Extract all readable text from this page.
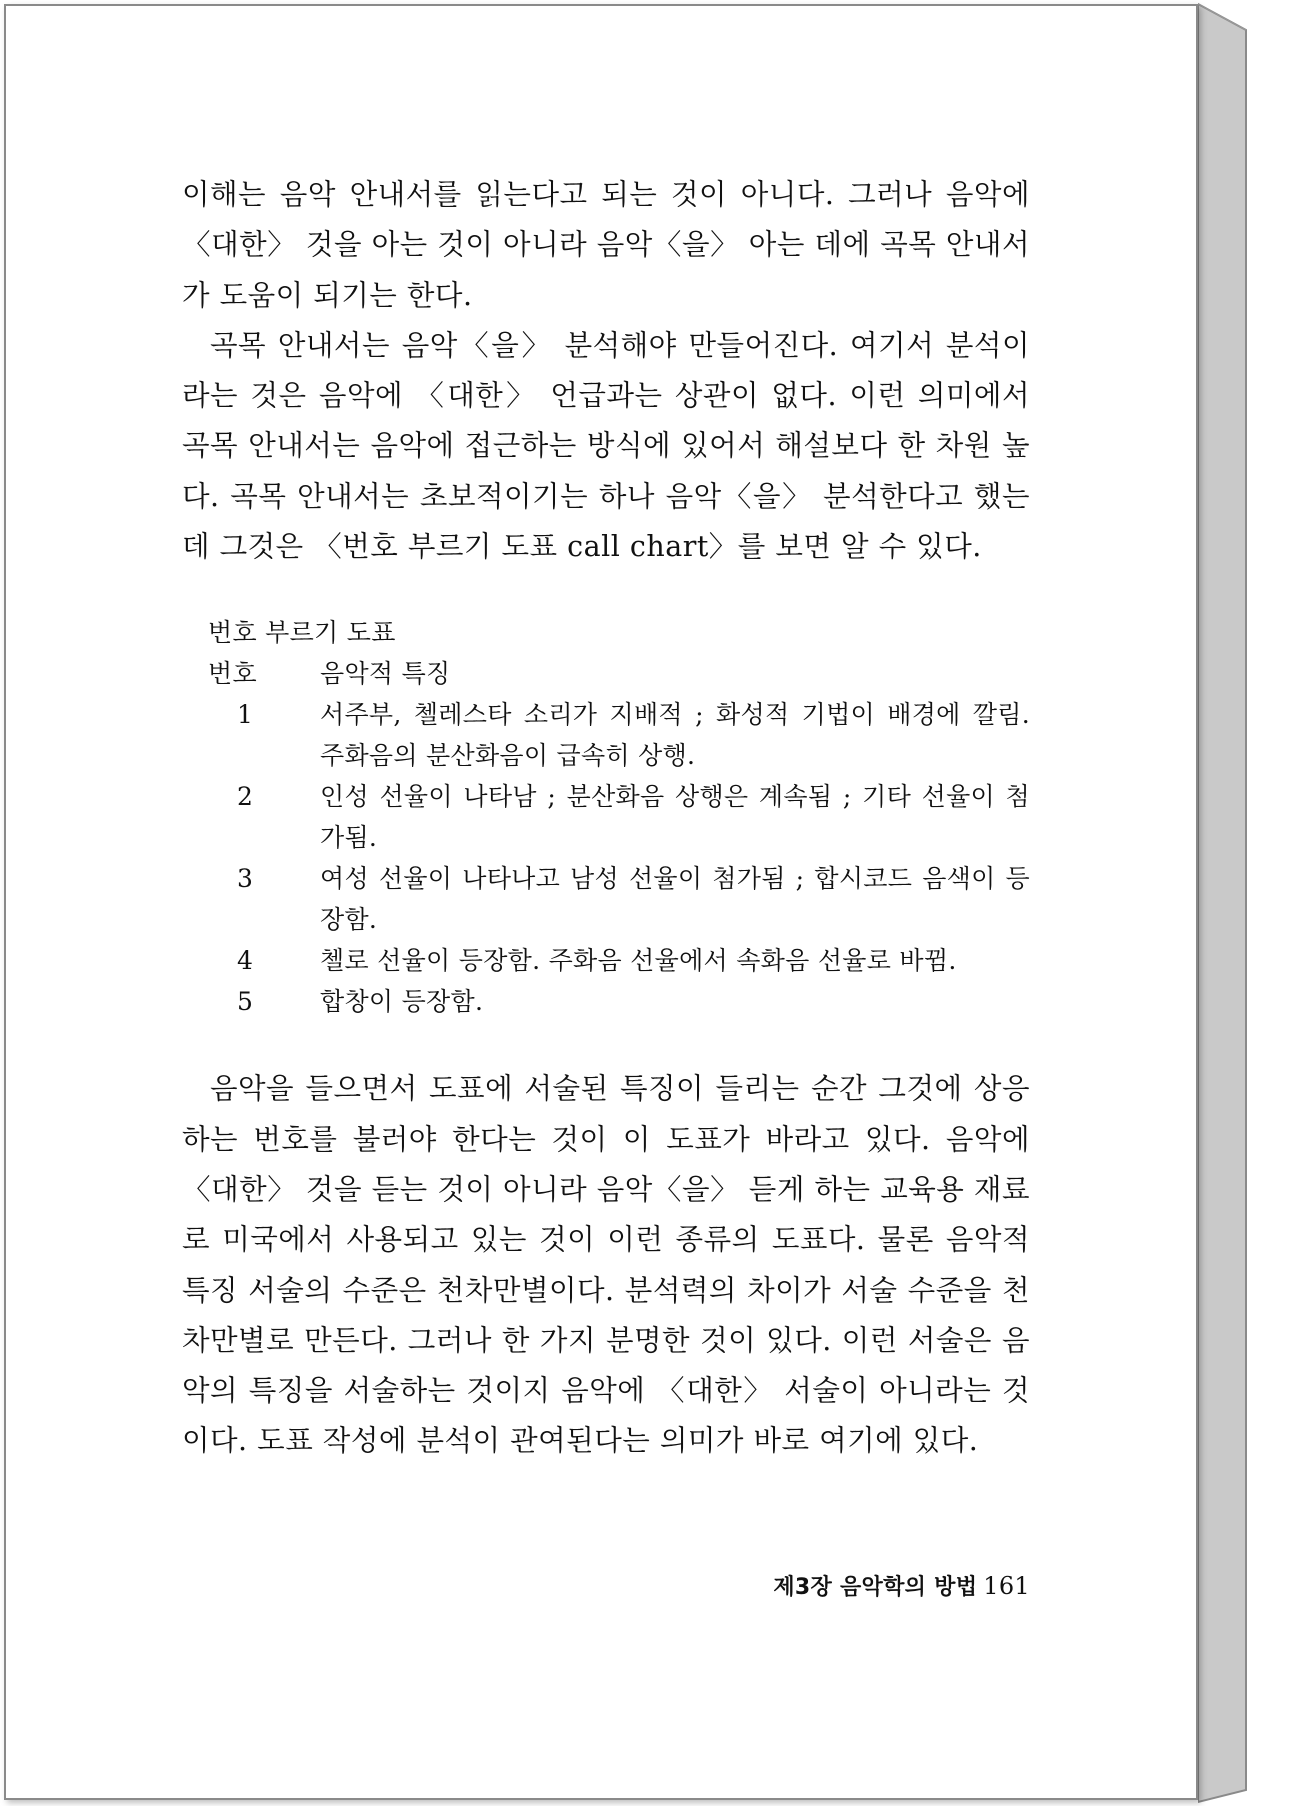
이해는 음악 안내서를 읽는다고 되는 것이 아니다. 그러나 음악에 〈대한〉 것을 아는 것이 아니라 음악〈을〉 아는 데에 곡목 안내서가 도움이 되기는 한다.

곡목 안내서는 음악〈을〉 분석해야 만들어진다. 여기서 분석이라는 것은 음악에 〈대한〉 언급과는 상관이 없다. 이런 의미에서 곡목 안내서는 음악에 접근하는 방식에 있어서 해설보다 한 차원 높다. 곡목 안내서는 초보적이기는 하나 음악〈을〉 분석한다고 했는데 그것은 〈번호 부르기 도표 call chart〉를 보면 알 수 있다.

번호 부르기 도표

번호	음악적 특징
1	서주부, 첼레스타 소리가 지배적 ; 화성적 기법이 배경에 깔림. 주화음의 분산화음이 급속히 상행.
2	인성 선율이 나타남 ; 분산화음 상행은 계속됨 ; 기타 선율이 첨가됨.
3	여성 선율이 나타나고 남성 선율이 첨가됨 ; 합시코드 음색이 등장함.
4	첼로 선율이 등장함. 주화음 선율에서 속화음 선율로 바뀜.
5	합창이 등장함.

음악을 들으면서 도표에 서술된 특징이 들리는 순간 그것에 상응하는 번호를 불러야 한다는 것이 이 도표가 바라고 있다. 음악에 〈대한〉 것을 듣는 것이 아니라 음악〈을〉 듣게 하는 교육용 재료로 미국에서 사용되고 있는 것이 이런 종류의 도표다. 물론 음악적 특징 서술의 수준은 천차만별이다. 분석력의 차이가 서술 수준을 천차만별로 만든다. 그러나 한 가지 분명한 것이 있다. 이런 서술은 음악의 특징을 서술하는 것이지 음악에 〈대한〉 서술이 아니라는 것이다. 도표 작성에 분석이 관여된다는 의미가 바로 여기에 있다.

제3장 음악학의 방법 161
